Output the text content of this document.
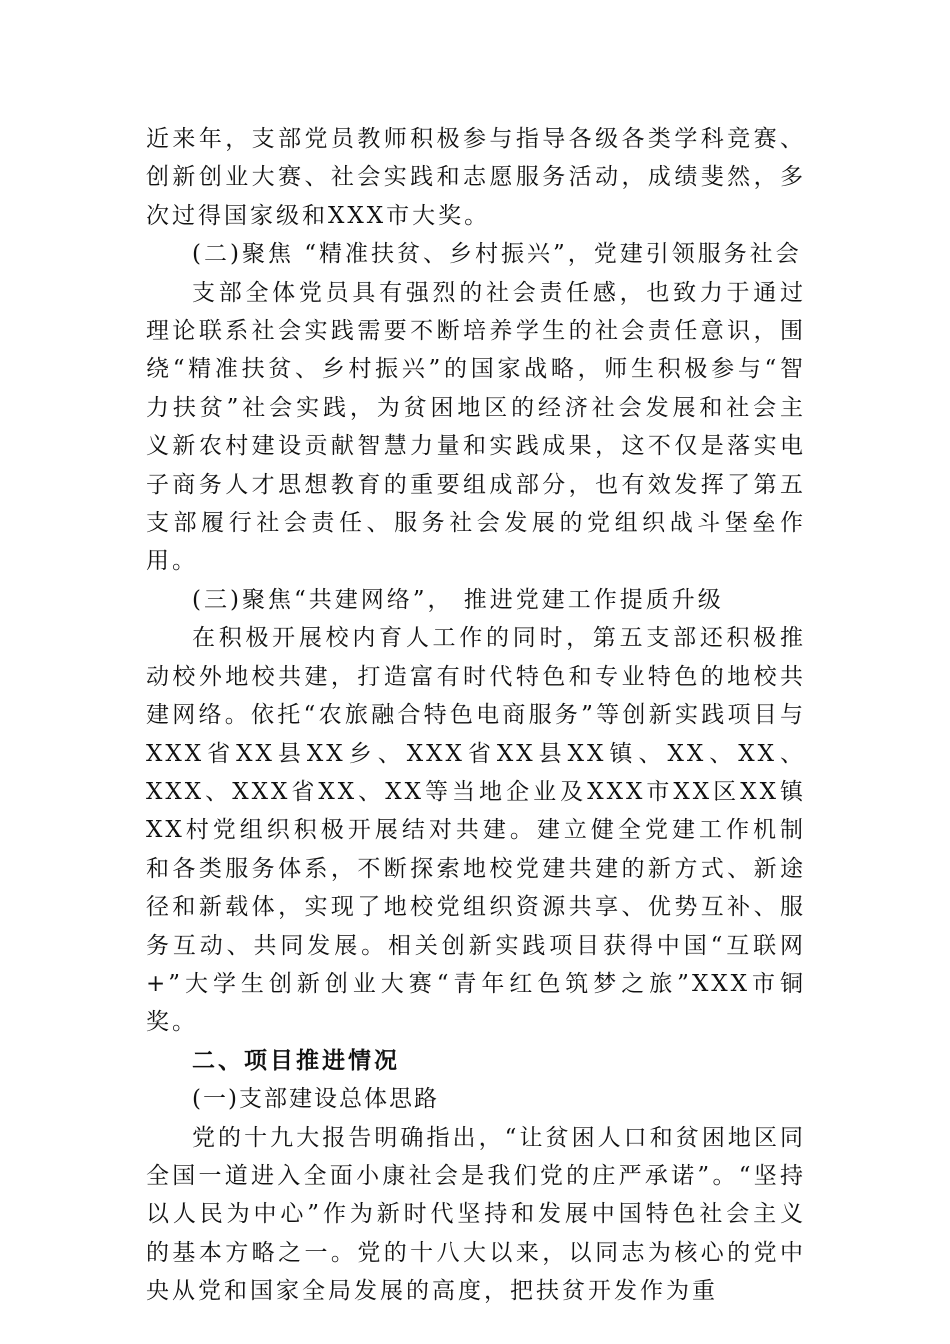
近来年，支部党员教师积极参与指导各级各类学科竞赛、创新创业大赛、社会实践和志愿服务活动，成绩斐然，多次过得国家级和XXX市大奖。

(二)聚焦 “精准扶贫、乡村振兴”，党建引领服务社会

支部全体党员具有强烈的社会责任感，也致力于通过理论联系社会实践需要不断培养学生的社会责任意识，围绕“精准扶贫、乡村振兴”的国家战略，师生积极参与“智力扶贫”社会实践，为贫困地区的经济社会发展和社会主义新农村建设贡献智慧力量和实践成果，这不仅是落实电子商务人才思想教育的重要组成部分，也有效发挥了第五支部履行社会责任、服务社会发展的党组织战斗堡垒作用。

(三)聚焦“共建网络”， 推进党建工作提质升级

在积极开展校内育人工作的同时，第五支部还积极推动校外地校共建，打造富有时代特色和专业特色的地校共建网络。依托“农旅融合特色电商服务”等创新实践项目与XXX省XX县XX乡、XXX省XX县XX镇、XX、XX、XXX、XXX省XX、XX等当地企业及XXX市XX区XX镇XX村党组织积极开展结对共建。建立健全党建工作机制和各类服务体系，不断探索地校党建共建的新方式、新途径和新载体，实现了地校党组织资源共享、优势互补、服务互动、共同发展。相关创新实践项目获得中国“互联网+”大学生创新创业大赛“青年红色筑梦之旅”XXX市铜奖。

二、项目推进情况

(一)支部建设总体思路

党的十九大报告明确指出，“让贫困人口和贫困地区同全国一道进入全面小康社会是我们党的庄严承诺”。“坚持以人民为中心”作为新时代坚持和发展中国特色社会主义的基本方略之一。党的十八大以来，以同志为核心的党中央从党和国家全局发展的高度，把扶贫开发作为重
